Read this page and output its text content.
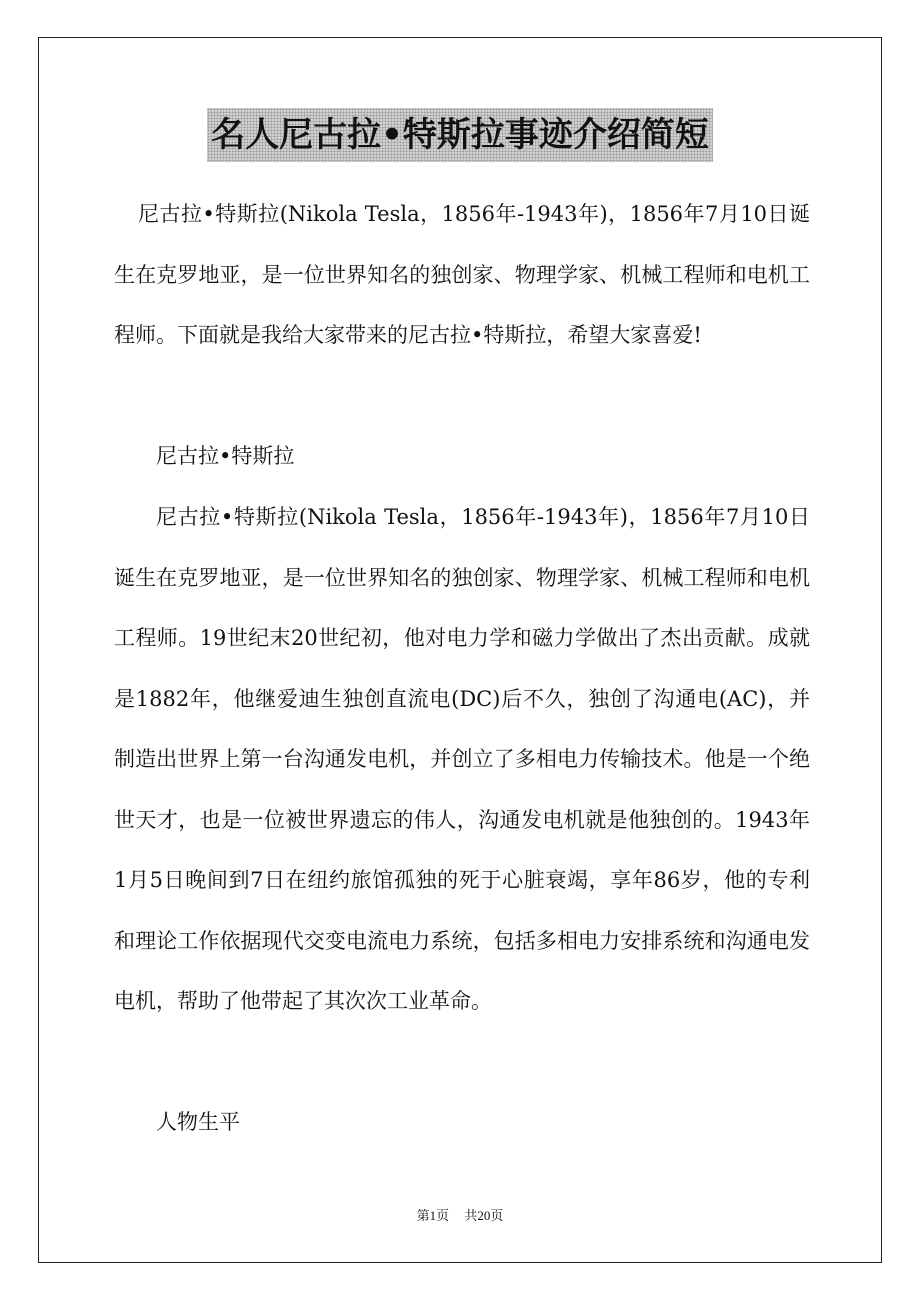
名人尼古拉•特斯拉事迹介绍简短

尼古拉•特斯拉(Nikola Tesla，1856年-1943年)，1856年7月10日诞生在克罗地亚，是一位世界知名的独创家、物理学家、机械工程师和电机工程师。下面就是我给大家带来的尼古拉•特斯拉，希望大家喜爱!

尼古拉•特斯拉

尼古拉•特斯拉(Nikola Tesla，1856年-1943年)，1856年7月10日诞生在克罗地亚，是一位世界知名的独创家、物理学家、机械工程师和电机工程师。19世纪末20世纪初，他对电力学和磁力学做出了杰出贡献。成就是1882年，他继爱迪生独创直流电(DC)后不久，独创了沟通电(AC)，并制造出世界上第一台沟通发电机，并创立了多相电力传输技术。他是一个绝世天才，也是一位被世界遗忘的伟人，沟通发电机就是他独创的。1943年1月5日晚间到7日在纽约旅馆孤独的死于心脏衰竭，享年86岁，他的专利和理论工作依据现代交变电流电力系统，包括多相电力安排系统和沟通电发电机，帮助了他带起了其次次工业革命。

人物生平

第1页 共20页
